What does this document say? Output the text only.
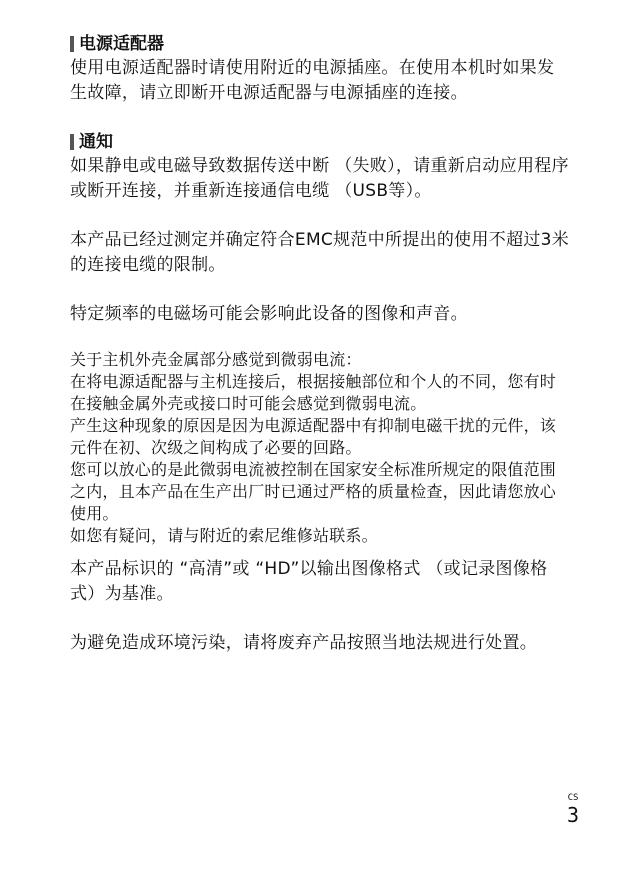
电源适配器

使用电源适配器时请使用附近的电源插座。在使用本机时如果发生故障，请立即断开电源适配器与电源插座的连接。

通知

如果静电或电磁导致数据传送中断 （失败），请重新启动应用程序或断开连接，并重新连接通信电缆 （USB等）。

本产品已经过测定并确定符合EMC规范中所提出的使用不超过3米的连接电缆的限制。

特定频率的电磁场可能会影响此设备的图像和声音。

关于主机外壳金属部分感觉到微弱电流：

在将电源适配器与主机连接后，根据接触部位和个人的不同，您有时在接触金属外壳或接口时可能会感觉到微弱电流。

产生这种现象的原因是因为电源适配器中有抑制电磁干扰的元件，该元件在初、次级之间构成了必要的回路。

您可以放心的是此微弱电流被控制在国家安全标准所规定的限值范围之内，且本产品在生产出厂时已通过严格的质量检查，因此请您放心使用。

如您有疑问，请与附近的索尼维修站联系。

本产品标识的 “高清”或 “HD”以输出图像格式 （或记录图像格式）为基准。

为避免造成环境污染，请将废弃产品按照当地法规进行处置。

CS
3
